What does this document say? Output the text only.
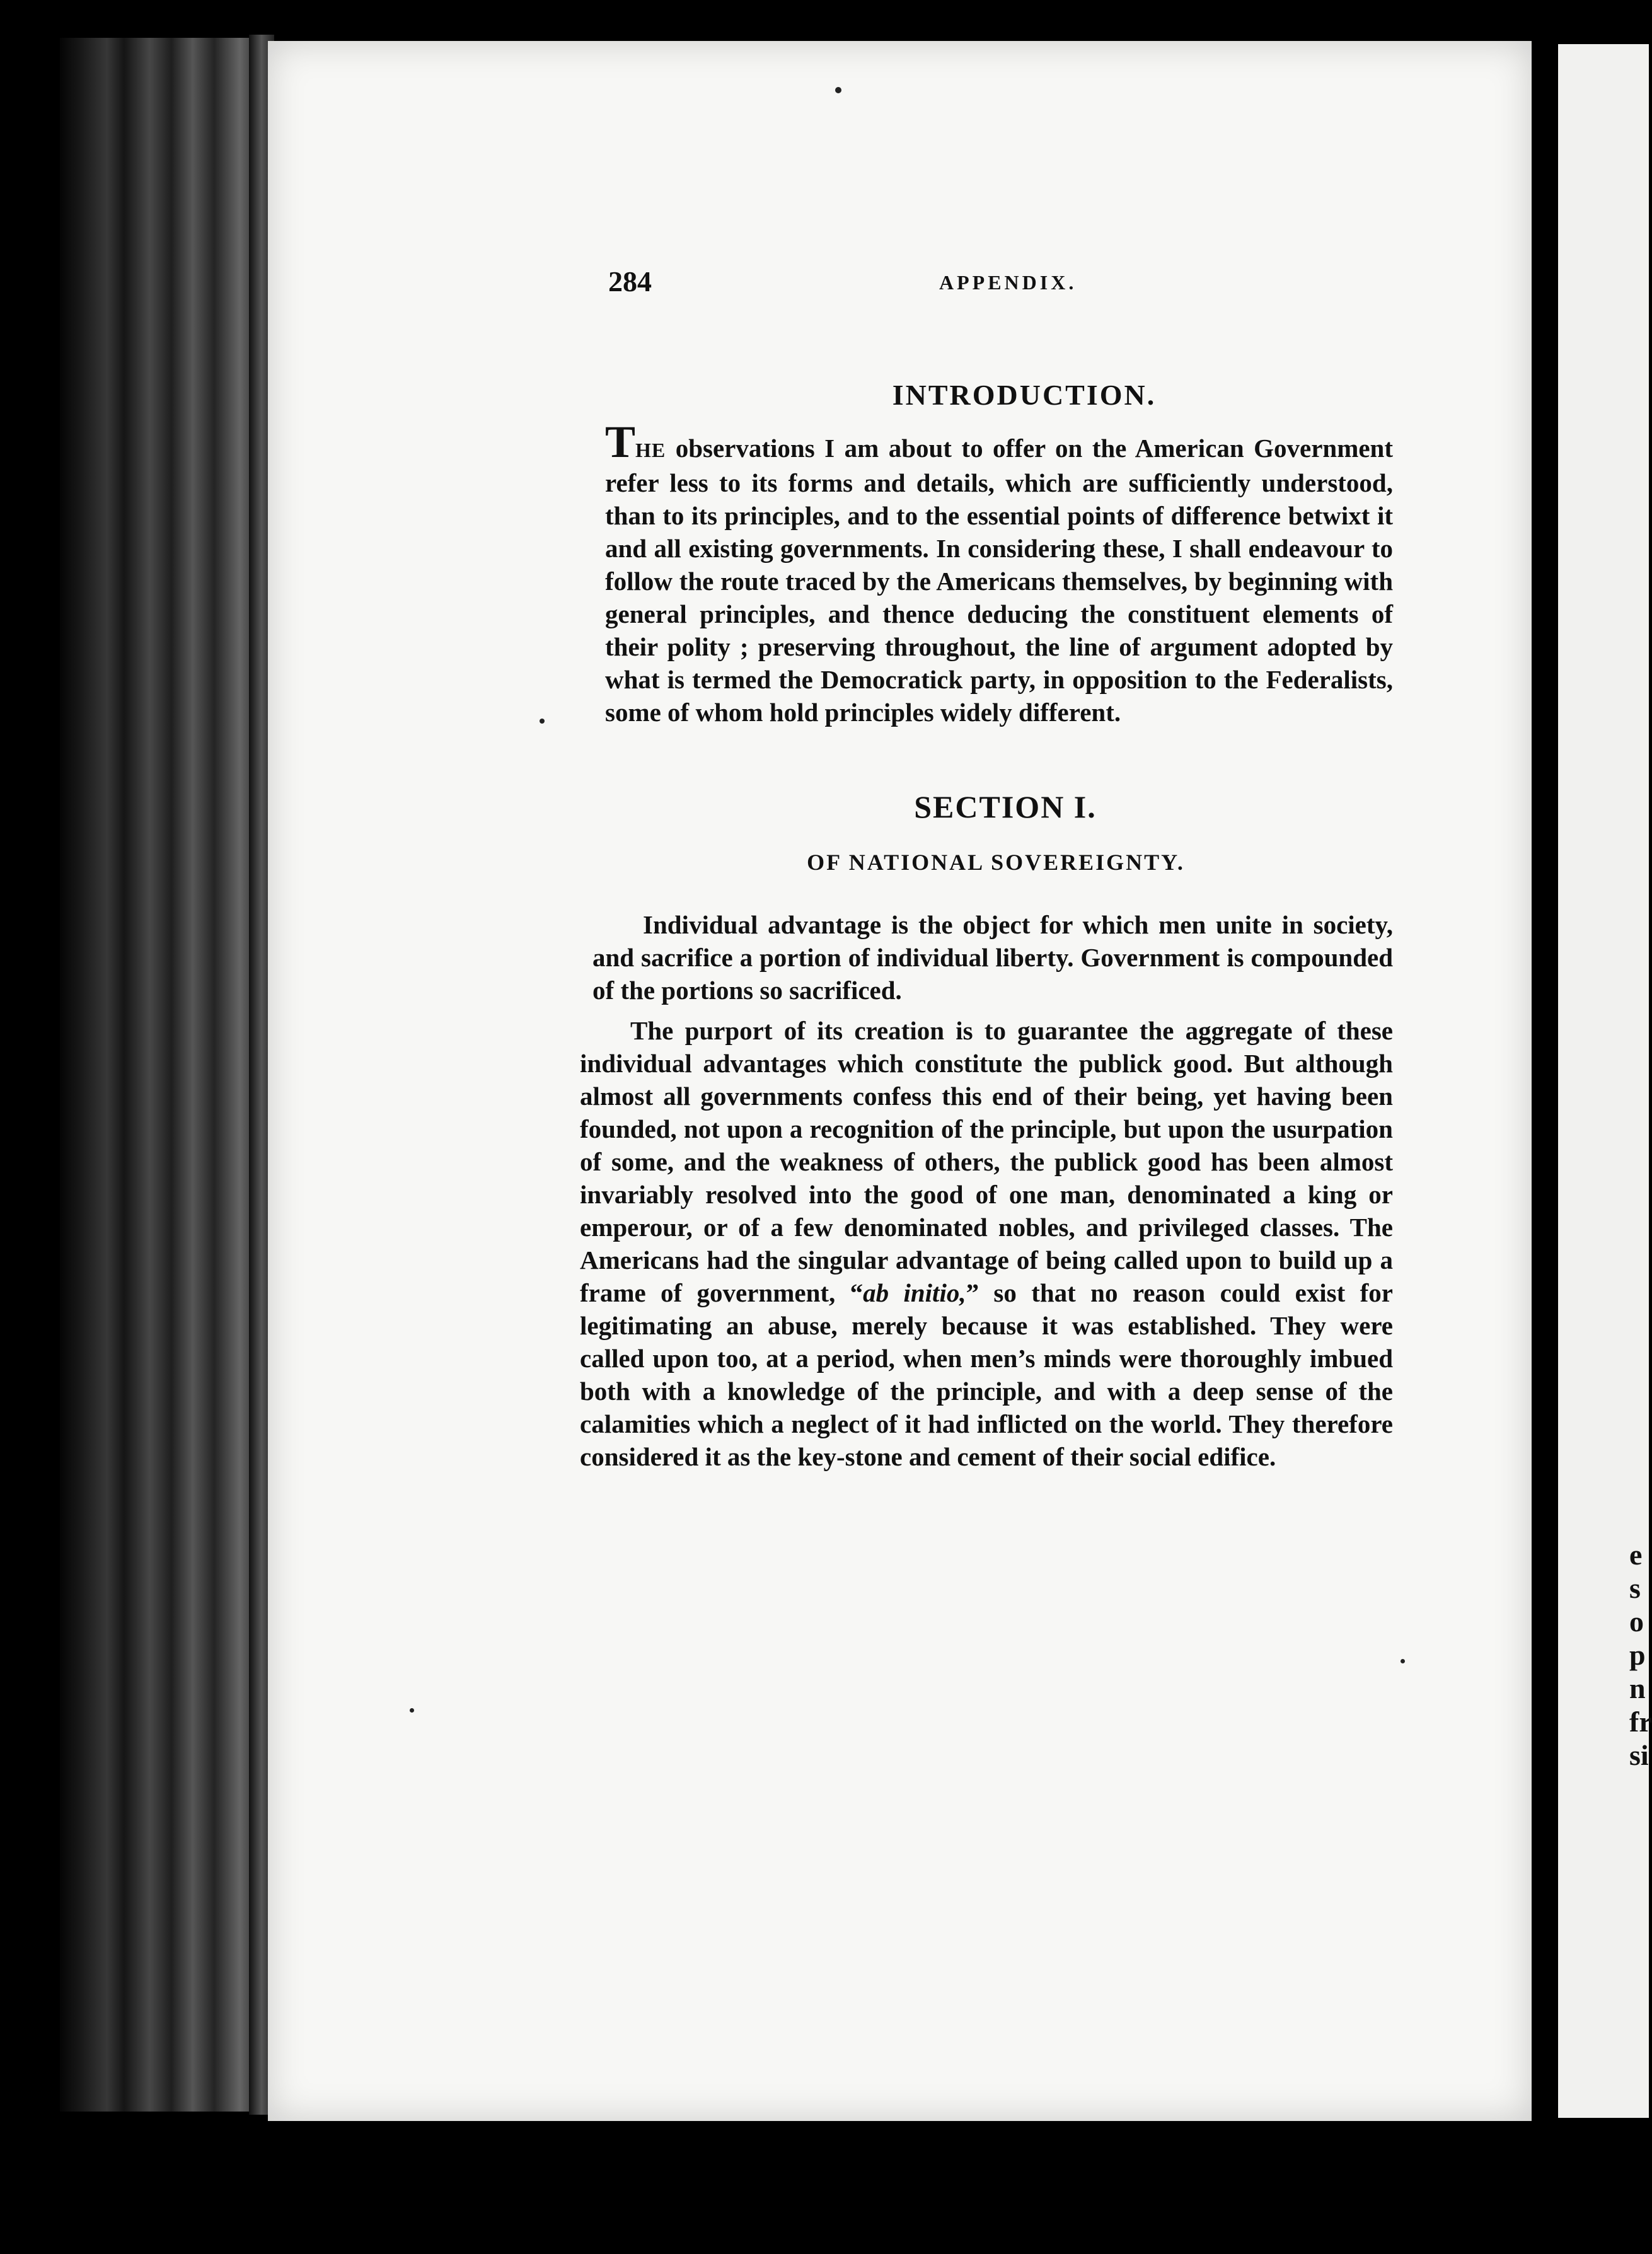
e
s
o
p
n
fr
si
284	APPENDIX.
INTRODUCTION.

THE observations I am about to offer on the American Government refer less to its forms and details, which are sufficiently understood, than to its principles, and to the essential points of difference betwixt it and all existing governments. In considering these, I shall endeavour to follow the route traced by the Americans themselves, by beginning with general principles, and thence deducing the constituent elements of their polity ; preserving throughout, the line of argument adopted by what is termed the Democratick party, in opposition to the Federalists, some of whom hold principles widely different.

SECTION I.
OF NATIONAL SOVEREIGNTY.

Individual advantage is the object for which men unite in society, and sacrifice a portion of individual liberty. Government is compounded of the portions so sacrificed.

The purport of its creation is to guarantee the aggregate of these individual advantages which constitute the publick good. But although almost all governments confess this end of their being, yet having been founded, not upon a recognition of the principle, but upon the usurpation of some, and the weakness of others, the publick good has been almost invariably resolved into the good of one man, denominated a king or emperour, or of a few denominated nobles, and privileged classes. The Americans had the singular advantage of being called upon to build up a frame of government, “ab initio,” so that no reason could exist for legitimating an abuse, merely because it was established. They were called upon too, at a period, when men’s minds were thoroughly imbued both with a knowledge of the principle, and with a deep sense of the calamities which a neglect of it had inflicted on the world. They therefore considered it as the key-stone and cement of their social edifice.
